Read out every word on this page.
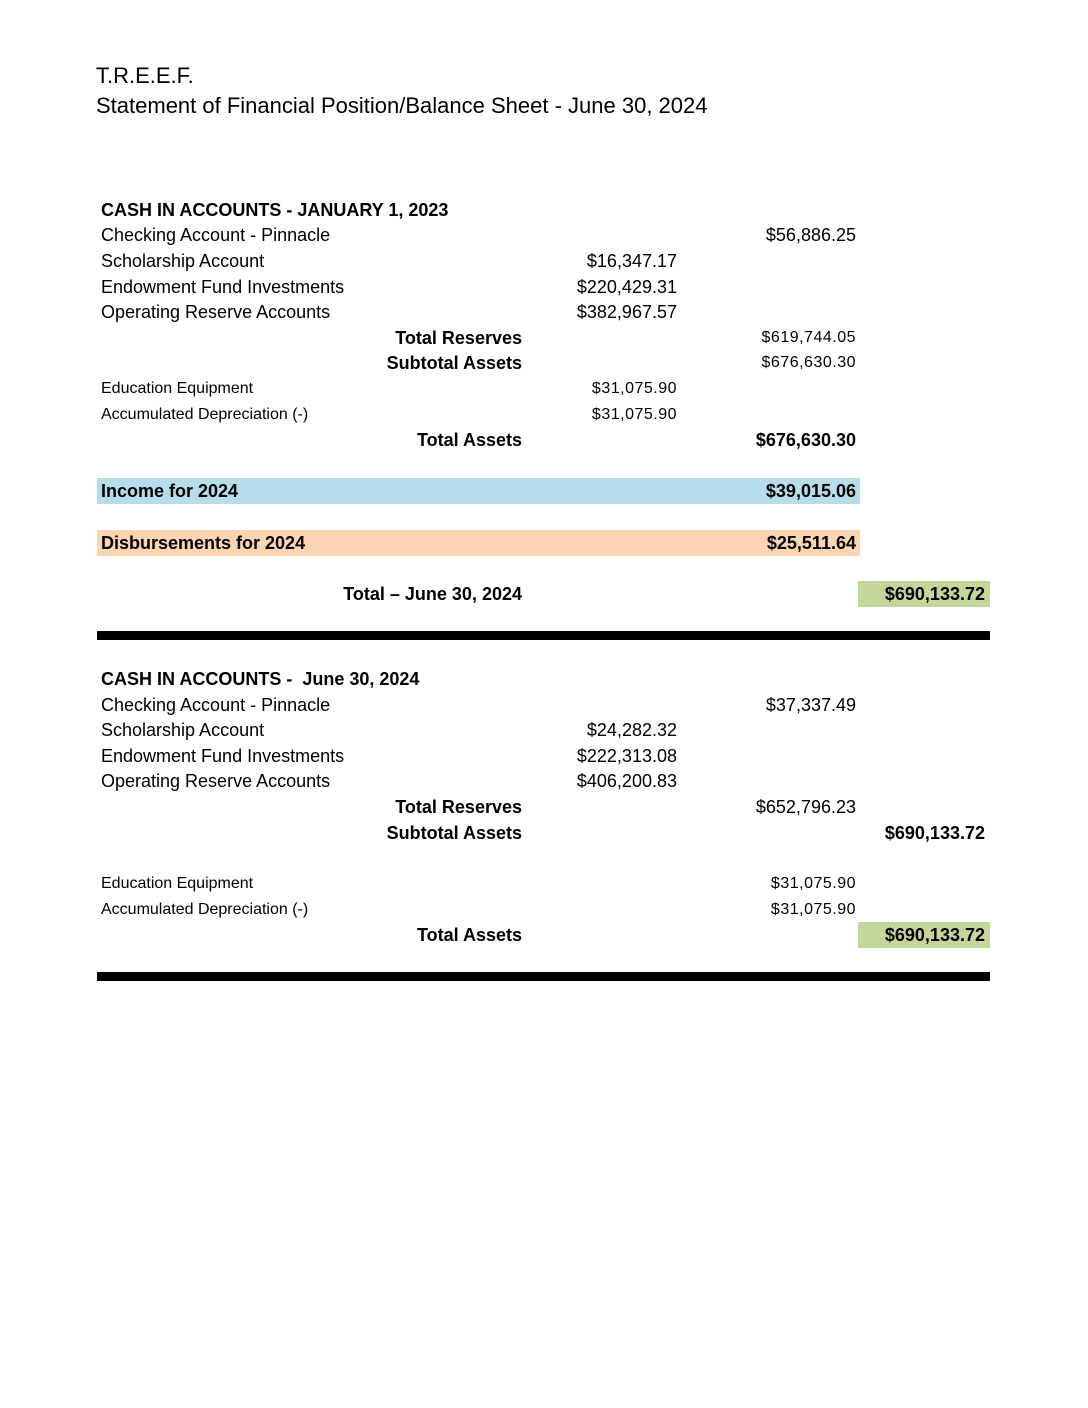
T.R.E.E.F.
Statement of Financial Position/Balance Sheet - June 30, 2024
CASH IN ACCOUNTS - JANUARY 1, 2023
Checking Account - Pinnacle	$56,886.25
Scholarship Account	$16,347.17
Endowment Fund Investments	$220,429.31
Operating Reserve Accounts	$382,967.57
Total Reserves	$619,744.05
Subtotal Assets	$676,630.30
Education Equipment	$31,075.90
Accumulated Depreciation (-)	$31,075.90
Total Assets	$676,630.30
Income for 2024	$39,015.06
Disbursements for 2024	$25,511.64
Total – June 30, 2024	$690,133.72
CASH IN ACCOUNTS -  June 30, 2024
Checking Account - Pinnacle	$37,337.49
Scholarship Account	$24,282.32
Endowment Fund Investments	$222,313.08
Operating Reserve Accounts	$406,200.83
Total Reserves	$652,796.23
Subtotal Assets	$690,133.72
Education Equipment	$31,075.90
Accumulated Depreciation (-)	$31,075.90
Total Assets	$690,133.72
